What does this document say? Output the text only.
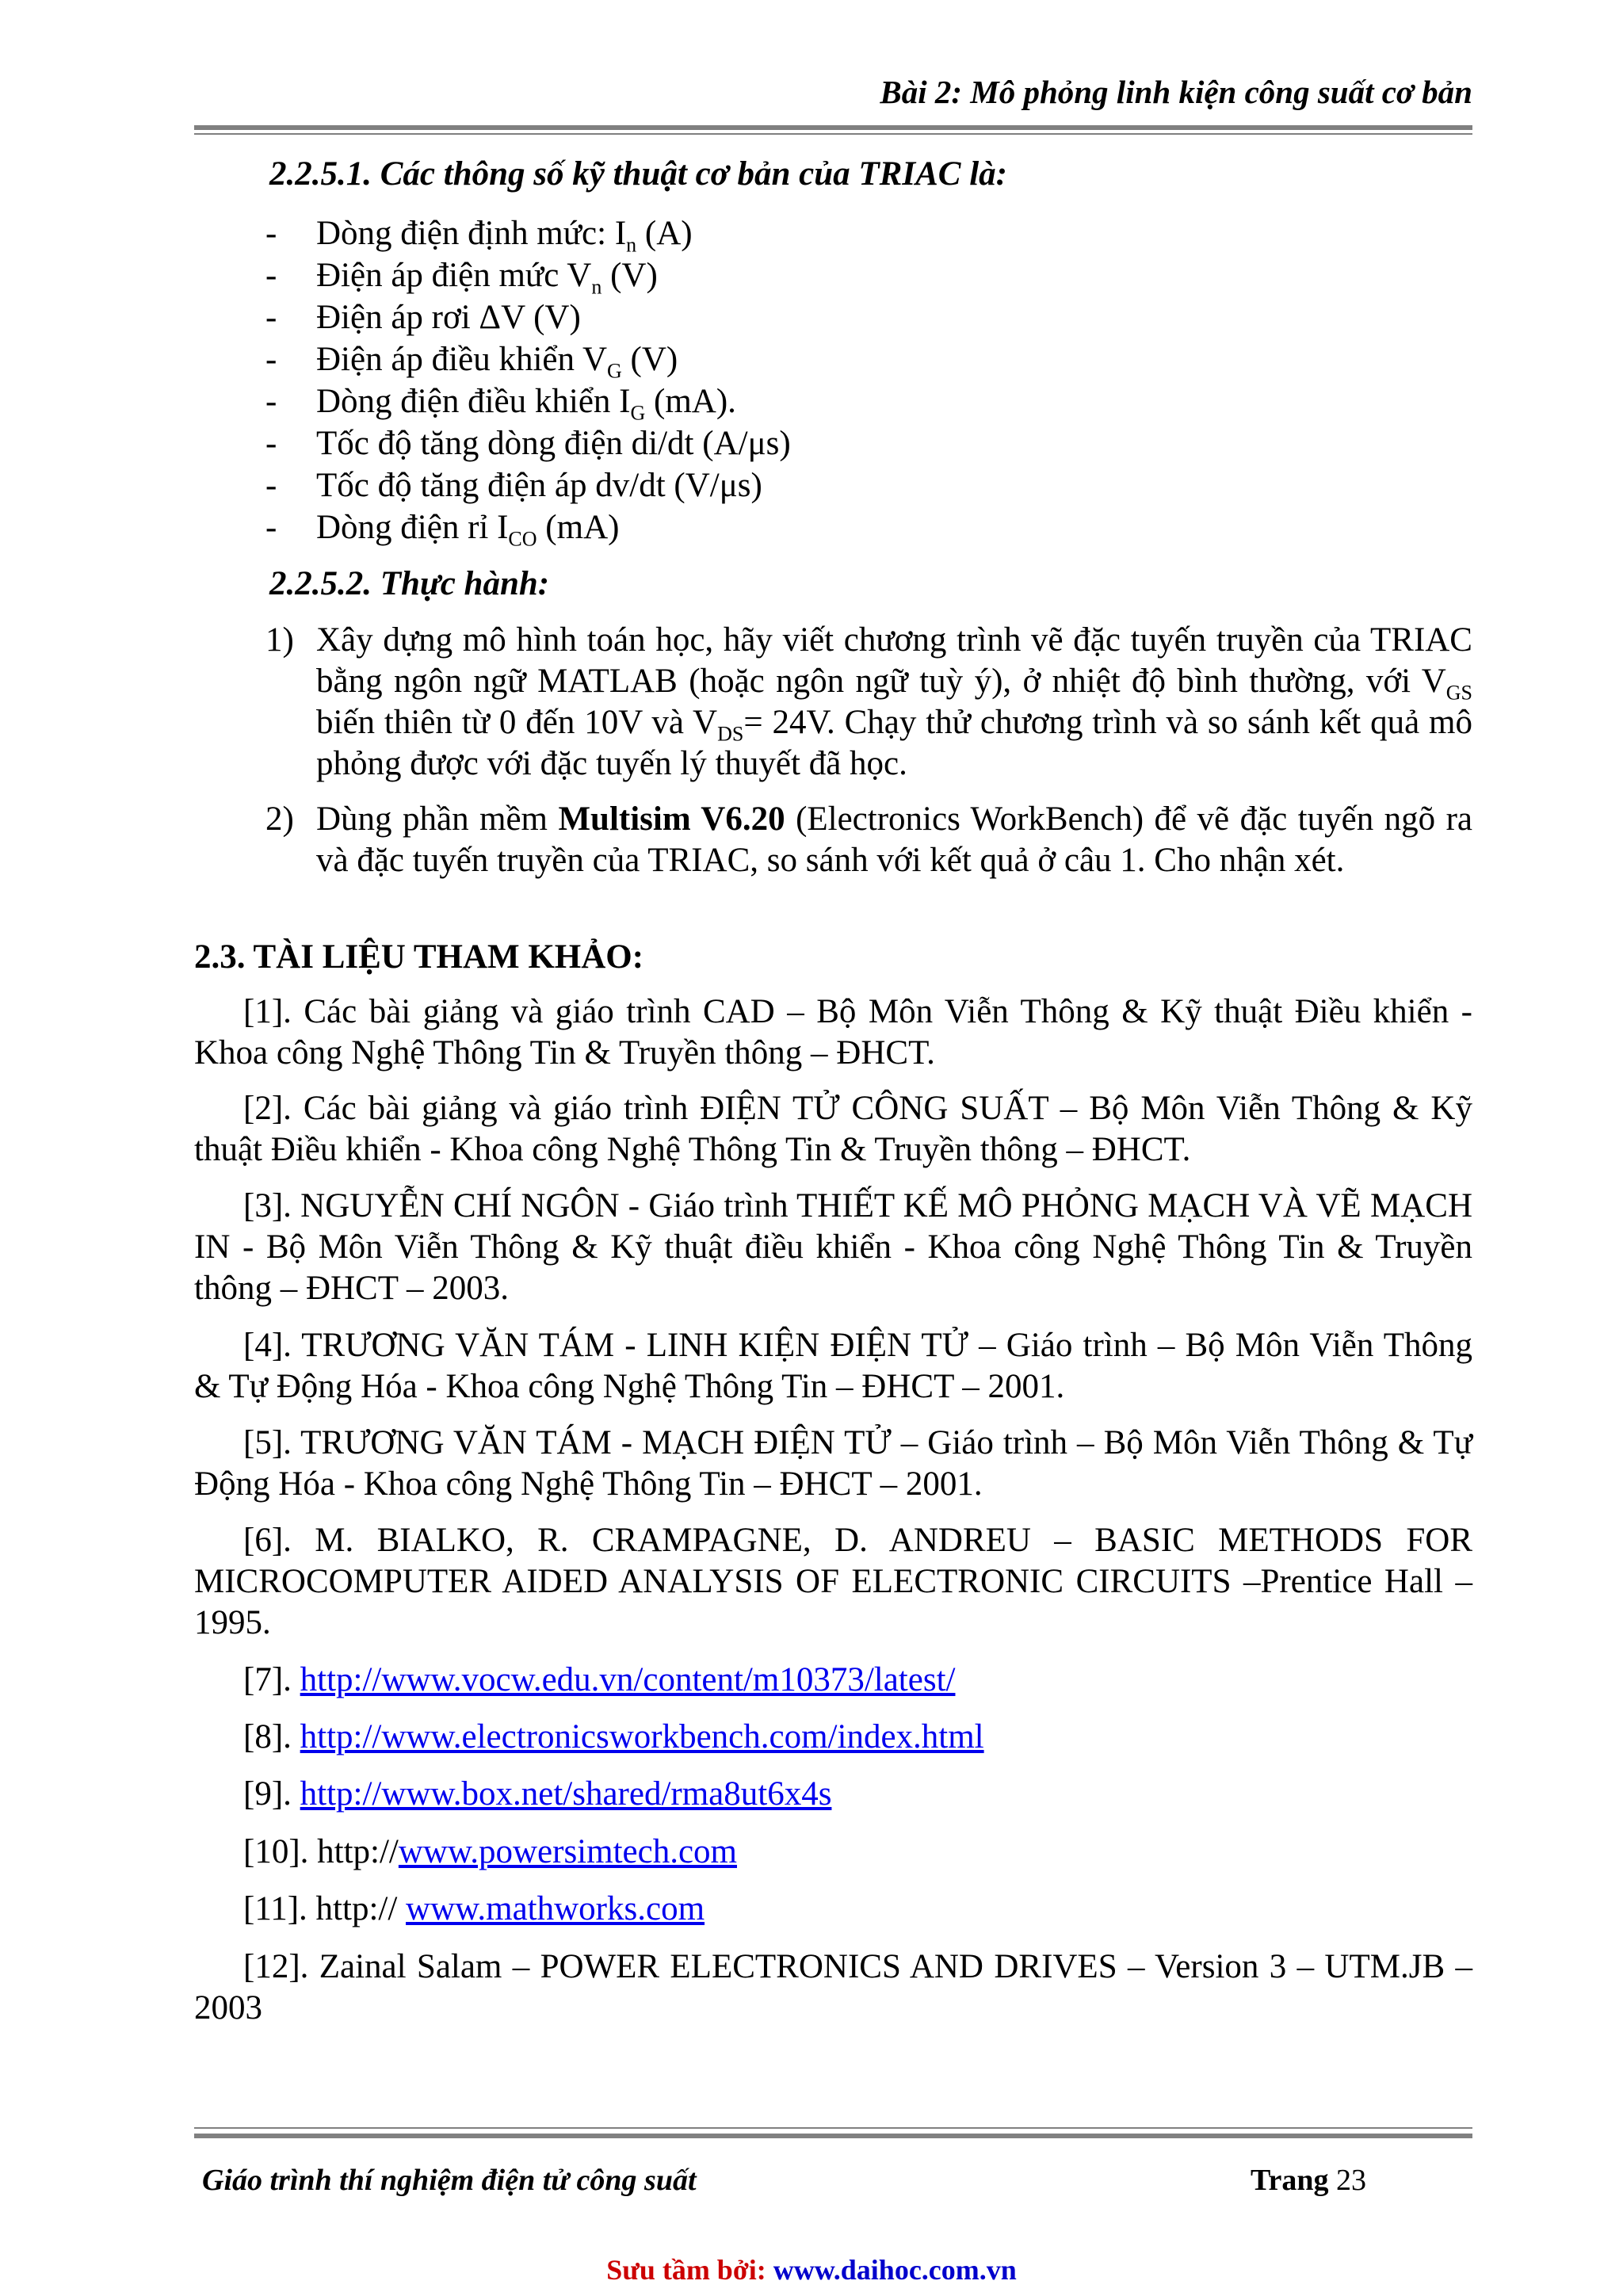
Bài 2: Mô phỏng linh kiện công suất cơ bản
2.2.5.1. Các thông số kỹ thuật cơ bản của TRIAC là:
-	Dòng điện định mức: $I_n$ (A)
-	Điện áp điện mức $V_n$ (V)
-	Điện áp rơi ΔV (V)
-	Điện áp điều khiển $V_G$ (V)
-	Dòng điện điều khiển $I_G$ (mA).
-	Tốc độ tăng dòng điện di/dt (A/μs)
-	Tốc độ tăng điện áp dv/dt (V/μs)
-	Dòng điện rỉ $I_{CO}$ (mA)
2.2.5.2. Thực hành:
1) Xây dựng mô hình toán học, hãy viết chương trình vẽ đặc tuyến truyền của TRIAC bằng ngôn ngữ MATLAB (hoặc ngôn ngữ tuỳ ý), ở nhiệt độ bình thường, với $V_{GS}$ biến thiên từ 0 đến 10V và $V_{DS}= 24V$. Chạy thử chương trình và so sánh kết quả mô phỏng được với đặc tuyến lý thuyết đã học.
2) Dùng phần mềm Multisim V6.20 (Electronics WorkBench) để vẽ đặc tuyến ngõ ra và đặc tuyến truyền của TRIAC, so sánh với kết quả ở câu 1. Cho nhận xét.
2.3. TÀI LIỆU THAM KHẢO:
[1]. Các bài giảng và giáo trình CAD – Bộ Môn Viễn Thông & Kỹ thuật Điều khiển - Khoa công Nghệ Thông Tin & Truyền thông – ĐHCT.
[2]. Các bài giảng và giáo trình ĐIỆN TỬ CÔNG SUẤT – Bộ Môn Viễn Thông & Kỹ thuật Điều khiển - Khoa công Nghệ Thông Tin & Truyền thông – ĐHCT.
[3]. NGUYỄN CHÍ NGÔN - Giáo trình THIẾT KẾ MÔ PHỎNG MẠCH VÀ VẼ MẠCH IN - Bộ Môn Viễn Thông & Kỹ thuật điều khiển - Khoa công Nghệ Thông Tin & Truyền thông – ĐHCT – 2003.
[4]. TRƯƠNG VĂN TÁM - LINH KIỆN ĐIỆN TỬ – Giáo trình – Bộ Môn Viễn Thông & Tự Động Hóa - Khoa công Nghệ Thông Tin – ĐHCT – 2001.
[5]. TRƯƠNG VĂN TÁM - MẠCH ĐIỆN TỬ – Giáo trình – Bộ Môn Viễn Thông & Tự Động Hóa - Khoa công Nghệ Thông Tin – ĐHCT – 2001.
[6]. M. BIALKO, R. CRAMPAGNE, D. ANDREU – BASIC METHODS FOR MICROCOMPUTER AIDED ANALYSIS OF ELECTRONIC CIRCUITS –Prentice Hall – 1995.
[7]. http://www.vocw.edu.vn/content/m10373/latest/
[8]. http://www.electronicsworkbench.com/index.html
[9]. http://www.box.net/shared/rma8ut6x4s
[10]. http://www.powersimtech.com
[11]. http:// www.mathworks.com
[12]. Zainal Salam – POWER ELECTRONICS AND DRIVES – Version 3 – UTM.JB – 2003
Giáo trình thí nghiệm điện tử công suất	Trang 23
Sưu tầm bởi: www.daihoc.com.vn
